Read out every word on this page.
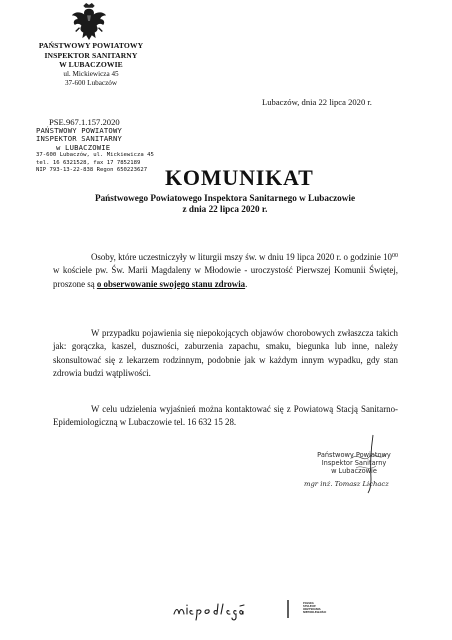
PAŃSTWOWY POWIATOWY
INSPEKTOR SANITARNY
W LUBACZOWIE
ul. Mickiewicza 45
37-600 Lubaczów
Lubaczów, dnia 22 lipca 2020 r.
PSE.967.1.157.2020
PAŃSTWOWY POWIATOWY
INSPEKTOR SANITARNY
w LUBACZOWIE
37-600 Lubaczów, ul. Mickiewicza 45
tel. 16 6321528, fax 17 7852189
NIP 793-13-22-838 Regon 650223627 KOMUNIKAT
Państwowego Powiatowego Inspektora Sanitarnego w Lubaczowie
z dnia 22 lipca 2020 r.
Osoby, które uczestniczyły w liturgii mszy św. w dniu 19 lipca 2020 r. o godzinie $10^{00}$ w kościele pw. Św. Marii Magdaleny w Młodowie - uroczystość Pierwszej Komunii Świętej, proszone są o obserwowanie swojego stanu zdrowia.
W przypadku pojawienia się niepokojących objawów chorobowych zwłaszcza takich jak: gorączka, kaszel, duszności, zaburzenia zapachu, smaku, biegunka lub inne, należy skonsultować się z lekarzem rodzinnym, podobnie jak w każdym innym wypadku, gdy stan zdrowia budzi wątpliwości.
W celu udzielenia wyjaśnień można kontaktować się z Powiatową Stacją Sanitarno-Epidemiologiczną w Lubaczowie tel. 16 632 15 28.
Państwowy Powiatowy
Inspektor Sanitarny
w Lubaczowie
mgr inż. Tomasz Lichacz
POLSKA
STULECIE ODZYSKANIA
NIEPODLEGŁOŚCI
